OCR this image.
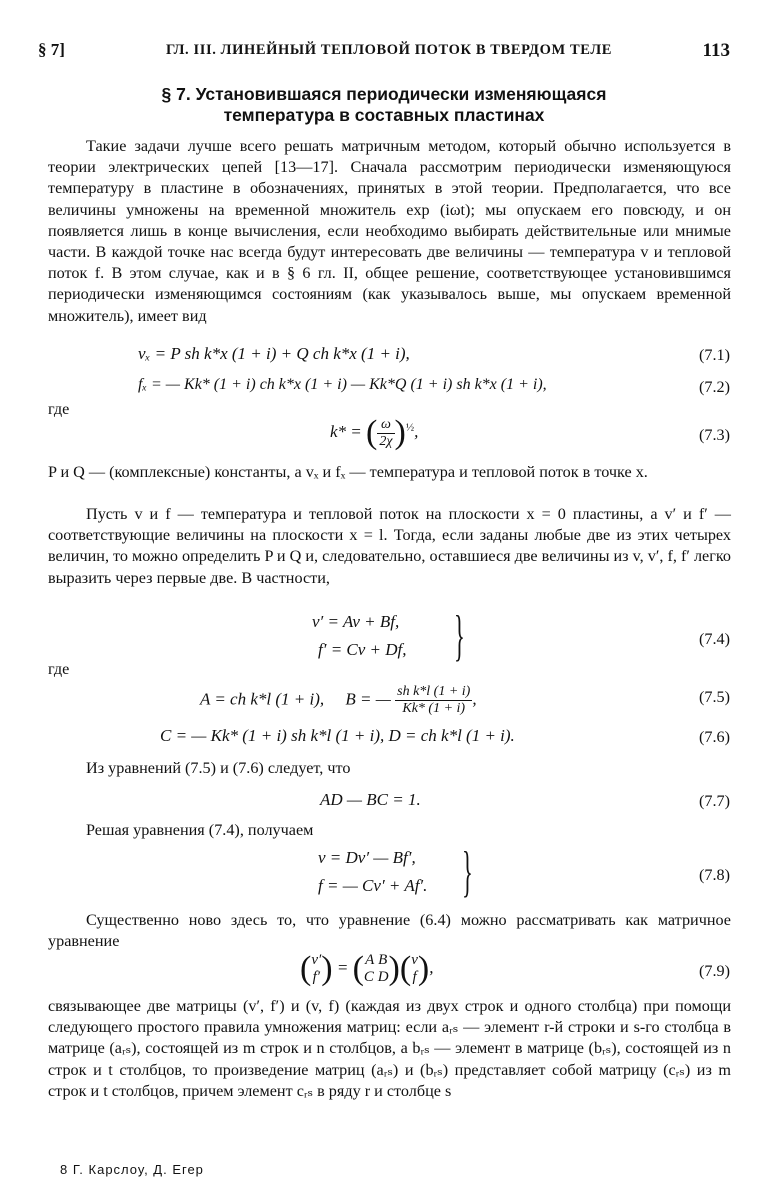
§ 7]	ГЛ. III. ЛИНЕЙНЫЙ ТЕПЛОВОЙ ПОТОК В ТВЕРДОМ ТЕЛЕ	113
§ 7. Установившаяся периодически изменяющаяся температура в составных пластинах

Такие задачи лучше всего решать матричным методом, который обычно используется в теории электрических цепей [13—17]. Сначала рассмотрим периодически изменяющуюся температуру в пластине в обозначениях, принятых в этой теории. Предполагается, что все величины умножены на временной множитель exp (iωt); мы опускаем его повсюду, и он появляется лишь в конце вычисления, если необходимо выбирать действительные или мнимые части. В каждой точке нас всегда будут интересовать две величины — температура v и тепловой поток f. В этом случае, как и в § 6 гл. II, общее решение, соответствующее установившимся периодически изменяющимся состояниям (как указывалось выше, мы опускаем временной множитель), имеет вид

vₓ = P sh k*x (1 + i) + Q ch k*x (1 + i),	(7.1)
fₓ = — Kk* (1 + i) ch k*x (1 + i) — Kk*Q (1 + i) sh k*x (1 + i),	(7.2)
где
k* = ( $\frac{\omega}{2\chi} )^{\frac{1}{2}}$,	(7.3)

P и Q — (комплексные) константы, а vₓ и fₓ — температура и тепловой поток в точке x.

Пусть v и f — температура и тепловой поток на плоскости x = 0 пластины, а v′ и f′ — соответствующие величины на плоскости x = l. Тогда, если заданы любые две из этих четырех величин, то можно определить P и Q и, следовательно, оставшиеся две величины из v, v′, f, f′ легко выразить через первые две. В частности,

v′ = Av + Bf,
f′ = Cv + Df, }	(7.4)
где
A = ch k*l (1 + i), B = — $\frac{\text{sh k*l (1 + i)}}{Kk* (1 + i)}$ ,	(7.5)
C = — Kk* (1 + i) sh k*l (1 + i), D = ch k*l (1 + i).	(7.6)

Из уравнений (7.5) и (7.6) следует, что

AD — BC = 1.	(7.7)

Решая уравнения (7.4), получаем

v = Dv′ — Bf′,
f = — Cv′ + Af′. }	(7.8)

Существенно ново здесь то, что уравнение (6.4) можно рассматривать как матричное уравнение

(v′
f′) = (A B
C D)(v
f),	(7.9)

связывающее две матрицы (v′, f′) и (v, f) (каждая из двух строк и одного столбца) при помощи следующего простого правила умножения матриц: если aᵣₛ — элемент r-й строки и s-го столбца в матрице (aᵣₛ), состоящей из m строк и n столбцов, а bᵣₛ — элемент в матрице (bᵣₛ), состоящей из n строк и t столбцов, то произведение матриц (aᵣₛ) и (bᵣₛ) представляет собой матрицу (cᵣₛ) из m строк и t столбцов, причем элемент cᵣₛ в ряду r и столбце s

8 Г. Карслоу, Д. Егер
